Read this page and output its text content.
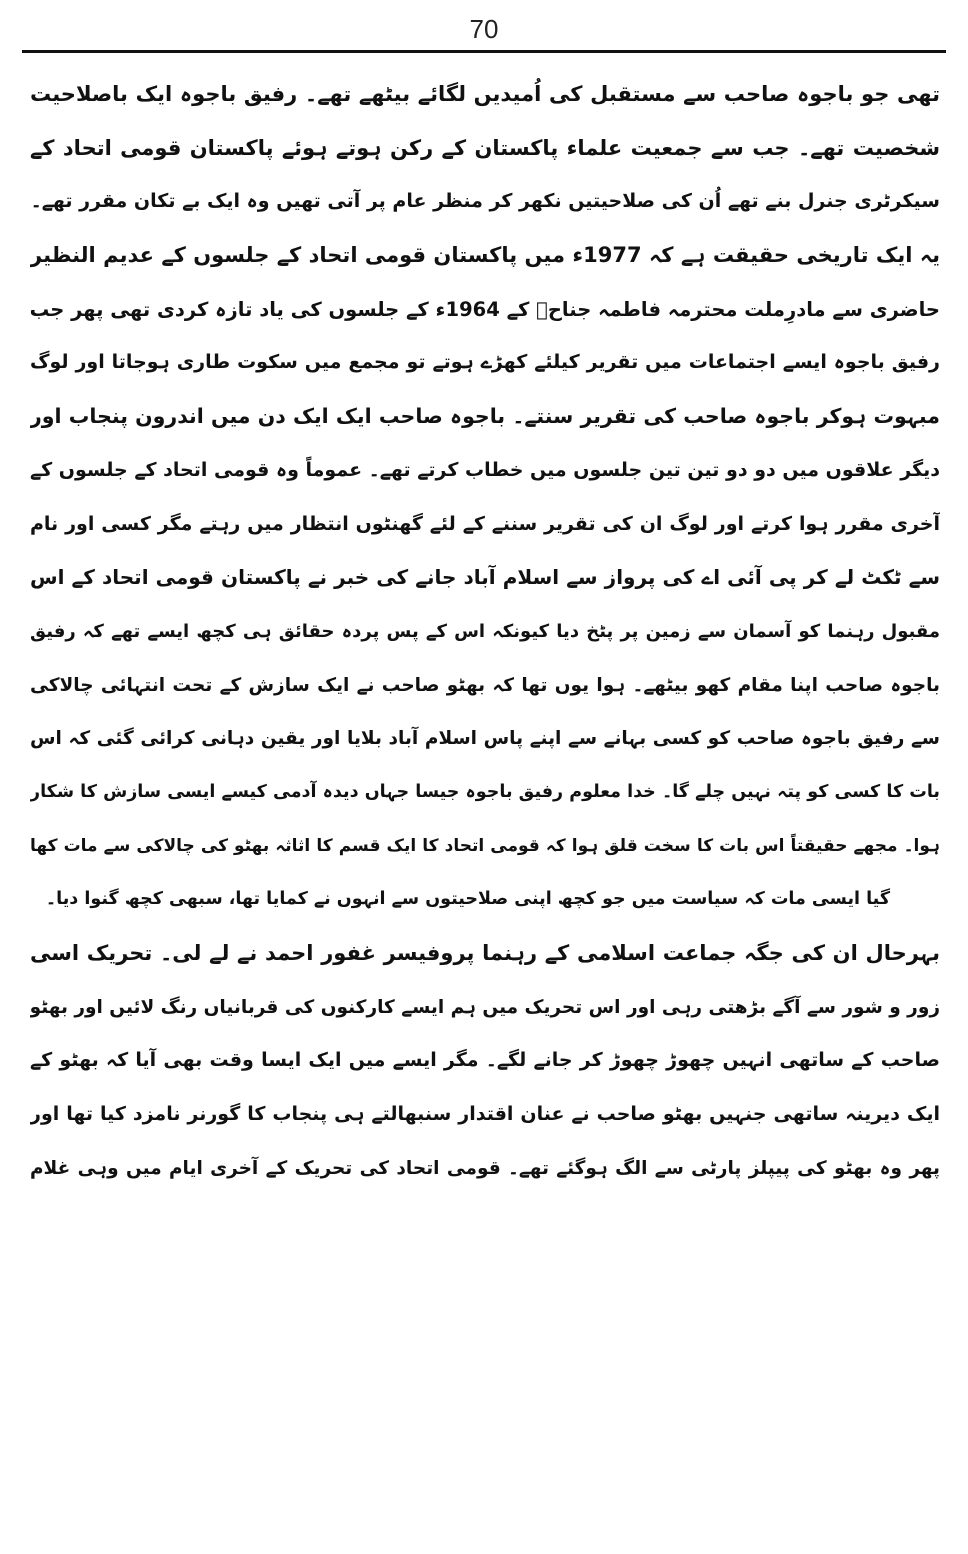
70
تھی جو باجوہ صاحب سے مستقبل کی اُمیدیں لگائے بیٹھے تھے۔ رفیق باجوہ ایک باصلاحیت
شخصیت تھے۔ جب سے جمعیت علماء پاکستان کے رکن ہوتے ہوئے پاکستان قومی اتحاد کے
سیکرٹری جنرل بنے تھے اُن کی صلاحیتیں نکھر کر منظر عام پر آتی تھیں وہ ایک بے تکان مقرر تھے۔
یہ ایک تاریخی حقیقت ہے کہ 1977ء میں پاکستان قومی اتحاد کے جلسوں کے عدیم النظیر
حاضری سے مادرِملت محترمہ فاطمہ جناحؒ کے 1964ء کے جلسوں کی یاد تازہ کردی تھی پھر جب
رفیق باجوہ ایسے اجتماعات میں تقریر کیلئے کھڑے ہوتے تو مجمع میں سکوت طاری ہوجاتا اور لوگ
مبہوت ہوکر باجوہ صاحب کی تقریر سنتے۔ باجوہ صاحب ایک ایک دن میں اندرون پنجاب اور
دیگر علاقوں میں دو دو تین تین جلسوں میں خطاب کرتے تھے۔ عموماً وہ قومی اتحاد کے جلسوں کے
آخری مقرر ہوا کرتے اور لوگ ان کی تقریر سننے کے لئے گھنٹوں انتظار میں رہتے مگر کسی اور نام
سے ٹکٹ لے کر پی آئی اے کی پرواز سے اسلام آباد جانے کی خبر نے پاکستان قومی اتحاد کے اس
مقبول رہنما کو آسمان سے زمین پر پٹخ دیا کیونکہ اس کے پس پردہ حقائق ہی کچھ ایسے تھے کہ رفیق
باجوہ صاحب اپنا مقام کھو بیٹھے۔ ہوا یوں تھا کہ بھٹو صاحب نے ایک سازش کے تحت انتہائی چالاکی
سے رفیق باجوہ صاحب کو کسی بہانے سے اپنے پاس اسلام آباد بلایا اور یقین دہانی کرائی گئی کہ اس
بات کا کسی کو پتہ نہیں چلے گا۔ خدا معلوم رفیق باجوہ جیسا جہاں دیدہ آدمی کیسے ایسی سازش کا شکار
ہوا۔ مجھے حقیقتاً اس بات کا سخت قلق ہوا کہ قومی اتحاد کا ایک قسم کا اثاثہ بھٹو کی چالاکی سے مات کھا
گیا ایسی مات کہ سیاست میں جو کچھ اپنی صلاحیتوں سے انہوں نے کمایا تھا، سبھی کچھ گنوا دیا۔
بہرحال ان کی جگہ جماعت اسلامی کے رہنما پروفیسر غفور احمد نے لے لی۔ تحریک اسی
زور و شور سے آگے بڑھتی رہی اور اس تحریک میں ہم ایسے کارکنوں کی قربانیاں رنگ لائیں اور بھٹو
صاحب کے ساتھی انہیں چھوڑ چھوڑ کر جانے لگے۔ مگر ایسے میں ایک ایسا وقت بھی آیا کہ بھٹو کے
ایک دیرینہ ساتھی جنہیں بھٹو صاحب نے عنان اقتدار سنبھالتے ہی پنجاب کا گورنر نامزد کیا تھا اور
پھر وہ بھٹو کی پیپلز پارٹی سے الگ ہوگئے تھے۔ قومی اتحاد کی تحریک کے آخری ایام میں وہی غلام
